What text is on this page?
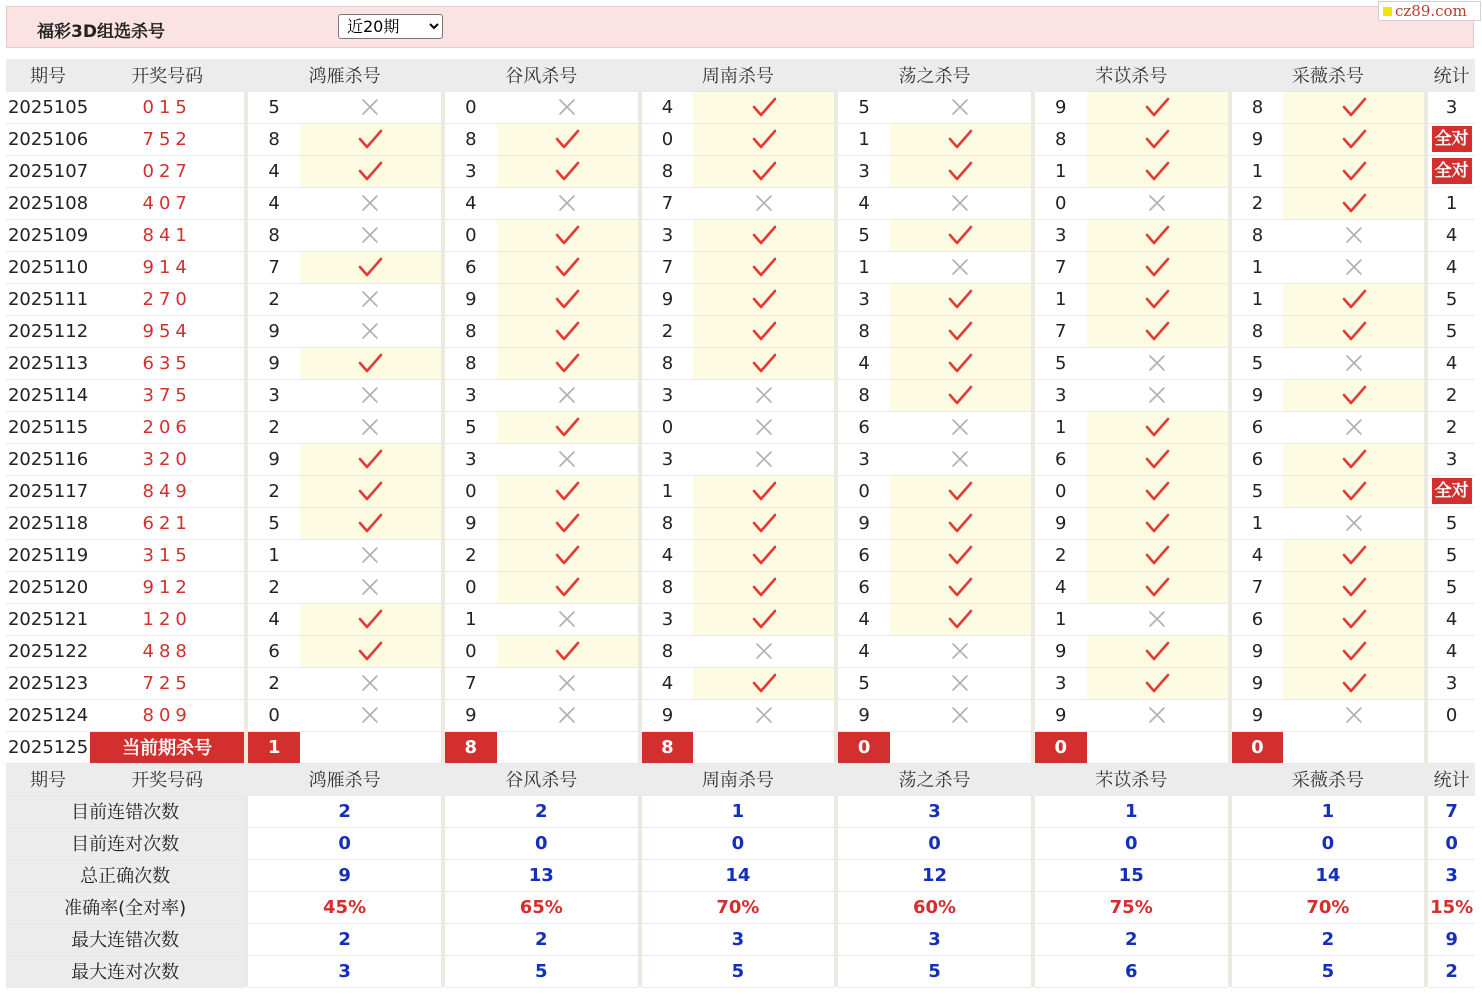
福彩3D组选杀号
近20期
cz89.com
期号	开奖号码		鸿雁杀号			谷风杀号			周南杀号			荡之杀号			芣苡杀号			采薇杀号			统计
2025105	015		5			0			4			5			9			8			3
2025106	752		8			8			0			1			8			9			全对
2025107	027		4			3			8			3			1			1			全对
2025108	407		4			4			7			4			0			2			1
2025109	841		8			0			3			5			3			8			4
2025110	914		7			6			7			1			7			1			4
2025111	270		2			9			9			3			1			1			5
2025112	954		9			8			2			8			7			8			5
2025113	635		9			8			8			4			5			5			4
2025114	375		3			3			3			8			3			9			2
2025115	206		2			5			0			6			1			6			2
2025116	320		9			3			3			3			6			6			3
2025117	849		2			0			1			0			0			5			全对
2025118	621		5			9			8			9			9			1			5
2025119	315		1			2			4			6			2			4			5
2025120	912		2			0			8			6			4			7			5
2025121	120		4			1			3			4			1			6			4
2025122	488		6			0			8			4			9			9			4
2025123	725		2			7			4			5			3			9			3
2025124	809		0			9			9			9			9			9			0
2025125	当前期杀号		1			8			8			0			0			0			
期号	开奖号码		鸿雁杀号			谷风杀号			周南杀号			荡之杀号			芣苡杀号			采薇杀号			统计
目前连错次数			2			2			1			3			1			1			7
目前连对次数			0			0			0			0			0			0			0
总正确次数			9			13			14			12			15			14			3
准确率(全对率)			45%			65%			70%			60%			75%			70%			15%
最大连错次数			2			2			3			3			2			2			9
最大连对次数			3			5			5			5			6			5			2
